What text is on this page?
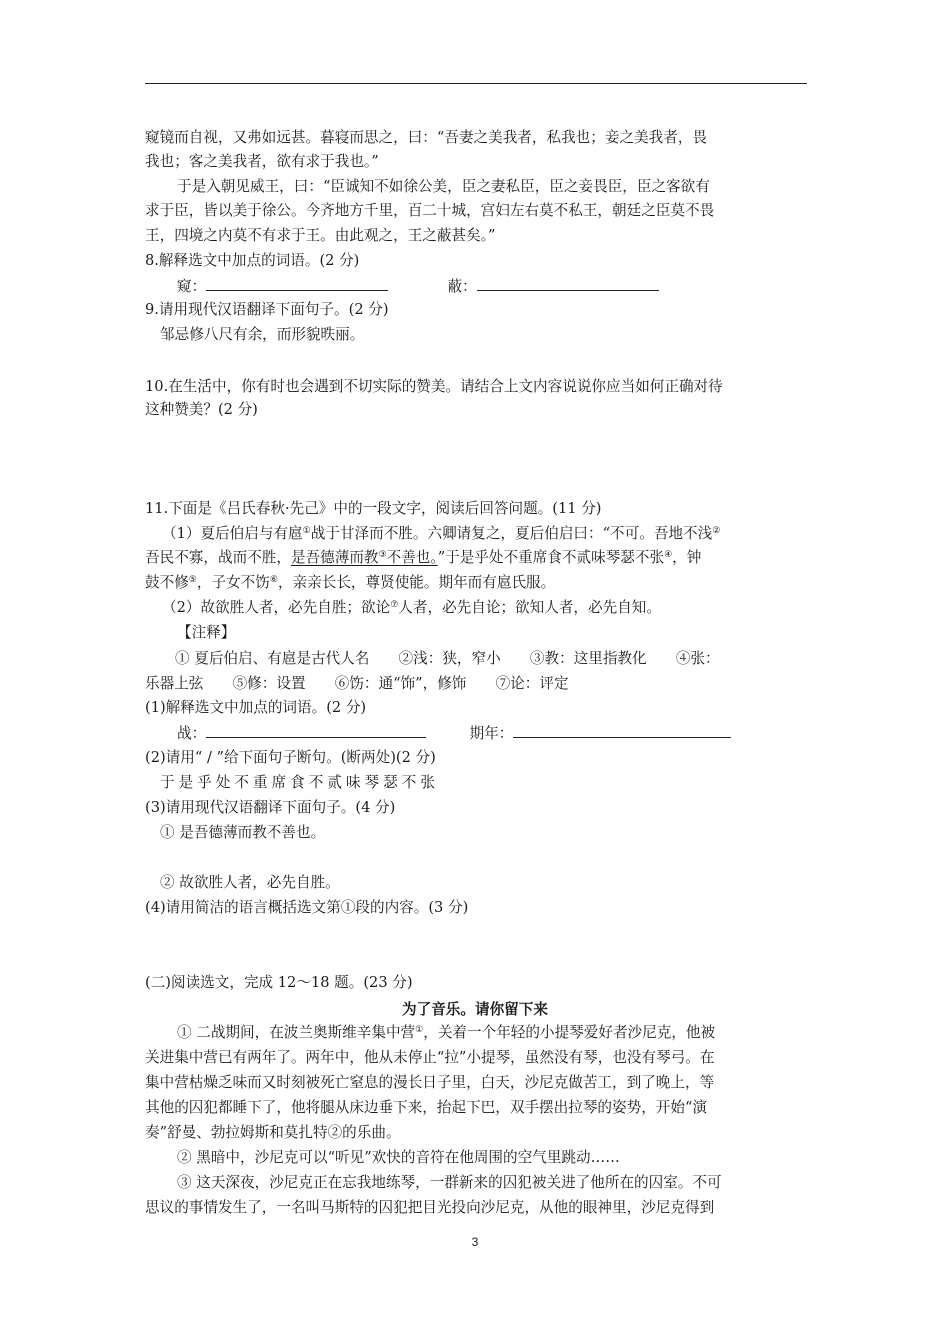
窥镜而自视，又弗如远甚。暮寝而思之，曰：“吾妻之美我者，私我也；妾之美我者，畏
我也；客之美我者，欲有求于我也。”
于是入朝见威王，曰：“臣诚知不如徐公美，臣之妻私臣，臣之妾畏臣，臣之客欲有
求于臣，皆以美于徐公。今齐地方千里，百二十城，宫妇左右莫不私王，朝廷之臣莫不畏
王，四境之内莫不有求于王。由此观之，王之蔽甚矣。”
8.解释选文中加点的词语。(2 分)
窥：	蔽：
9.请用现代汉语翻译下面句子。(2 分)
邹忌修八尺有余，而形貌昳丽。
10.在生活中，你有时也会遇到不切实际的赞美。请结合上文内容说说你应当如何正确对待
这种赞美？(2 分)
11.下面是《吕氏春秋·先己》中的一段文字，阅读后回答问题。(11 分)
（1）夏后伯启与有扈①战于甘泽而不胜。六卿请复之，夏后伯启曰：“不可。吾地不浅②
吾民不寡，战而不胜，是吾德薄而教③不善也。”于是乎处不重席食不贰味琴瑟不张④，钟
鼓不修⑤，子女不饬⑥，亲亲长长，尊贤使能。期年而有扈氏服。
（2）故欲胜人者，必先自胜；欲论⑦人者，必先自论；欲知人者，必先自知。
【注释】
① 夏后伯启、有扈是古代人名　　②浅：狭，窄小　　③教：这里指教化　　④张：
乐器上弦　　⑤修：设置　　⑥饬：通“饰”，修饰　　⑦论：评定
(1)解释选文中加点的词语。(2 分)
战：	期年：
(2)请用“ / ”给下面句子断句。(断两处)(2 分)
于是乎处不重席食不贰味琴瑟不张
(3)请用现代汉语翻译下面句子。(4 分)
① 是吾德薄而教不善也。
② 故欲胜人者，必先自胜。
(4)请用简洁的语言概括选文第①段的内容。(3 分)
(二)阅读选文，完成 12～18 题。(23 分)
为了音乐。请你留下来
① 二战期间，在波兰奥斯维辛集中营①，关着一个年轻的小提琴爱好者沙尼克，他被
关进集中营已有两年了。两年中，他从未停止“拉”小提琴，虽然没有琴，也没有琴弓。在
集中营枯燥乏味而又时刻被死亡窒息的漫长日子里，白天，沙尼克做苦工，到了晚上，等
其他的囚犯都睡下了，他将腿从床边垂下来，抬起下巴，双手摆出拉琴的姿势，开始“演
奏”舒曼、勃拉姆斯和莫扎特②的乐曲。
② 黑暗中，沙尼克可以“听见”欢快的音符在他周围的空气里跳动……
③ 这天深夜，沙尼克正在忘我地练琴，一群新来的囚犯被关进了他所在的囚室。不可
思议的事情发生了，一名叫马斯特的囚犯把目光投向沙尼克，从他的眼神里，沙尼克得到
3
